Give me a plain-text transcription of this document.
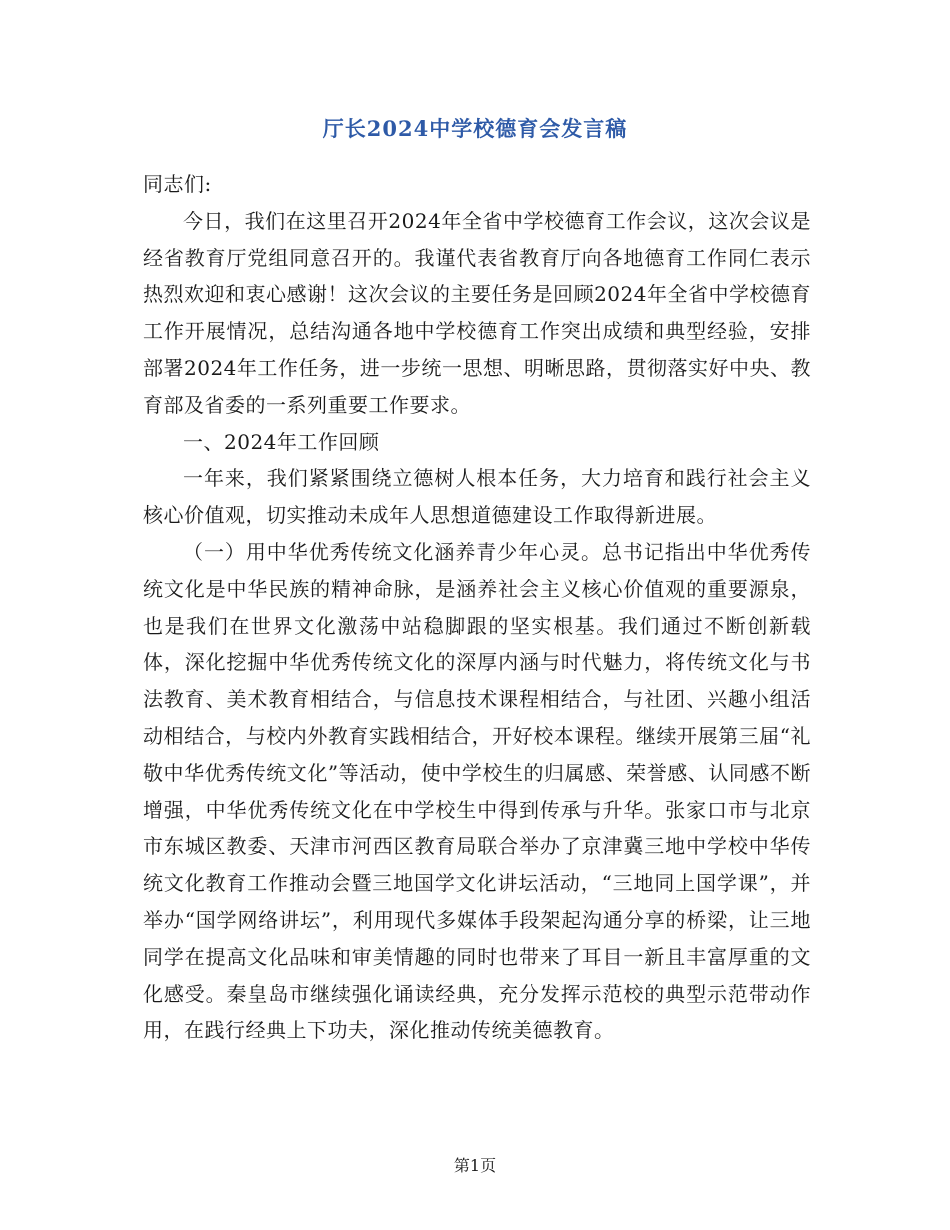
厅长2024中学校德育会发言稿

同志们:

今日，我们在这里召开2024年全省中学校德育工作会议，这次会议是经省教育厅党组同意召开的。我谨代表省教育厅向各地德育工作同仁表示热烈欢迎和衷心感谢！这次会议的主要任务是回顾2024年全省中学校德育工作开展情况，总结沟通各地中学校德育工作突出成绩和典型经验，安排部署2024年工作任务，进一步统一思想、明晰思路，贯彻落实好中央、教育部及省委的一系列重要工作要求。

一、2024年工作回顾

一年来，我们紧紧围绕立德树人根本任务，大力培育和践行社会主义核心价值观，切实推动未成年人思想道德建设工作取得新进展。

（一）用中华优秀传统文化涵养青少年心灵。总书记指出中华优秀传统文化是中华民族的精神命脉，是涵养社会主义核心价值观的重要源泉，也是我们在世界文化激荡中站稳脚跟的坚实根基。我们通过不断创新载体，深化挖掘中华优秀传统文化的深厚内涵与时代魅力，将传统文化与书法教育、美术教育相结合，与信息技术课程相结合，与社团、兴趣小组活动相结合，与校内外教育实践相结合，开好校本课程。继续开展第三届“礼敬中华优秀传统文化”等活动，使中学校生的归属感、荣誉感、认同感不断增强，中华优秀传统文化在中学校生中得到传承与升华。张家口市与北京市东城区教委、天津市河西区教育局联合举办了京津冀三地中学校中华传统文化教育工作推动会暨三地国学文化讲坛活动，“三地同上国学课”，并举办“国学网络讲坛”，利用现代多媒体手段架起沟通分享的桥梁，让三地同学在提高文化品味和审美情趣的同时也带来了耳目一新且丰富厚重的文化感受。秦皇岛市继续强化诵读经典，充分发挥示范校的典型示范带动作用，在践行经典上下功夫，深化推动传统美德教育。

第1页
